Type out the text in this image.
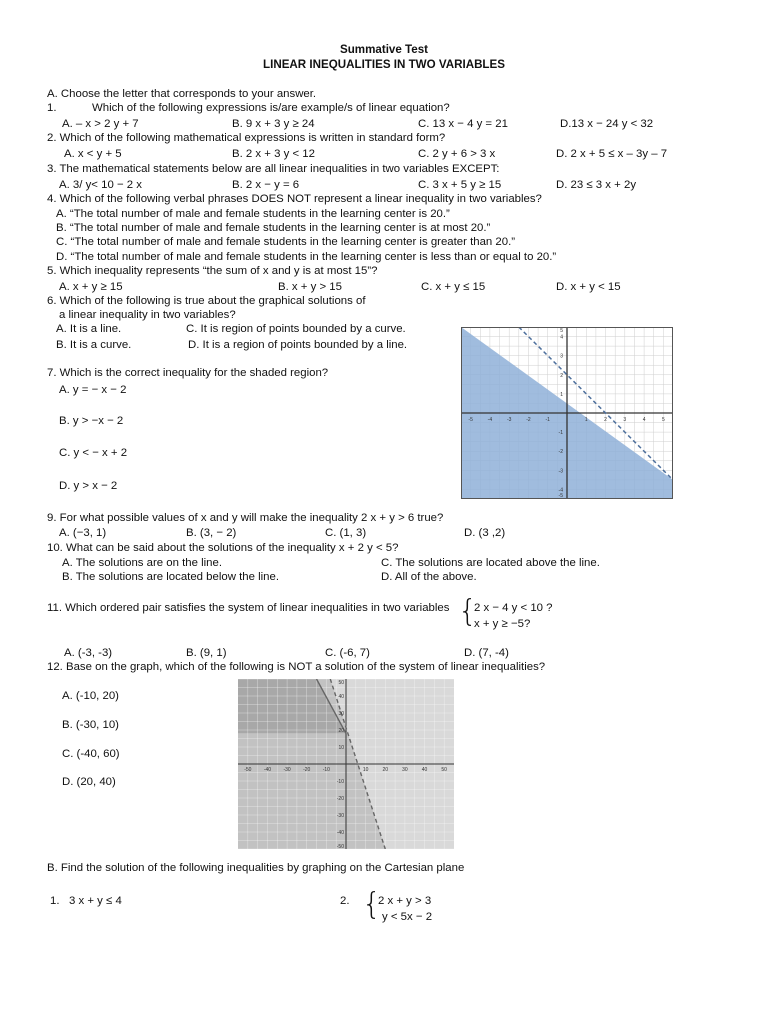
Summative Test
LINEAR INEQUALITIES IN TWO VARIABLES
A. Choose the letter that corresponds to your answer.
1.	Which of the following expressions is/are example/s of linear equation?
A. – x > 2 y + 7	B. 9 x + 3 y ≥ 24	C. 13 x − 4 y = 21	D.13 x − 24 y < 32
2. Which of the following mathematical expressions is written in standard form?
A. x < y + 5	B. 2 x + 3 y < 12	C. 2 y + 6 > 3 x	D. 2 x + 5 ≤ x – 3y – 7
3. The mathematical statements below are all linear inequalities in two variables EXCEPT:
A. 3/ y< 10 − 2 x	B. 2 x − y = 6	C. 3 x + 5 y ≥ 15	D. 23 ≤ 3 x + 2y
4. Which of the following verbal phrases DOES NOT represent a linear inequality in two variables?
A. “The total number of male and female students in the learning center is 20.”
B. “The total number of male and female students in the learning center is at most 20.”
C. “The total number of male and female students in the learning center is greater than 20.”
D. “The total number of male and female students in the learning center is less than or equal to 20.”
5. Which inequality represents “the sum of x and y is at most 15”?
A. x + y ≥ 15	B. x + y > 15	C. x + y ≤ 15	D. x + y < 15
6. Which of the following is true about the graphical solutions of
a linear inequality in two variables?
A. It is a line.	C. It is region of points bounded by a curve.
B. It is a curve.	D. It is a region of points bounded by a line.
7. Which is the correct inequality for the shaded region?
A. y = − x − 2
B. y > −x − 2
C. y < − x + 2
D. y > x − 2
-5	-4	-3	-2	-1	1	2	3	4	5
5
4
3
2
1
-1
-2
-3
-4
-5
9. For what possible values of x and y will make the inequality 2 x + y > 6 true?
A. (−3, 1)	B. (3, − 2)	C. (1, 3)	D. (3 ,2)
10. What can be said about the solutions of the inequality x + 2 y < 5?
A. The solutions are on the line.	C. The solutions are located above the line.
B. The solutions are located below the line.	D. All of the above.
11. Which ordered pair satisfies the system of linear inequalities in two variables {
2 x − 4 y < 10 ?
x + y ≥ −5?
A. (-3, -3)	B. (9, 1)	C. (-6, 7)	D. (7, -4)
12. Base on the graph, which of the following is NOT a solution of the system of linear inequalities?
A. (-10, 20)
B. (-30, 10)
C. (-40, 60)
D. (20, 40)
-50 -40 -30 -20 -10	10	20	30	40	50
50
40
30
20
10
-10
-20
-30
-40
-50
B. Find the solution of the following inequalities by graphing on the Cartesian plane
1. 3 x + y ≤ 4	2. {
2 x + y > 3
y < 5x − 2
